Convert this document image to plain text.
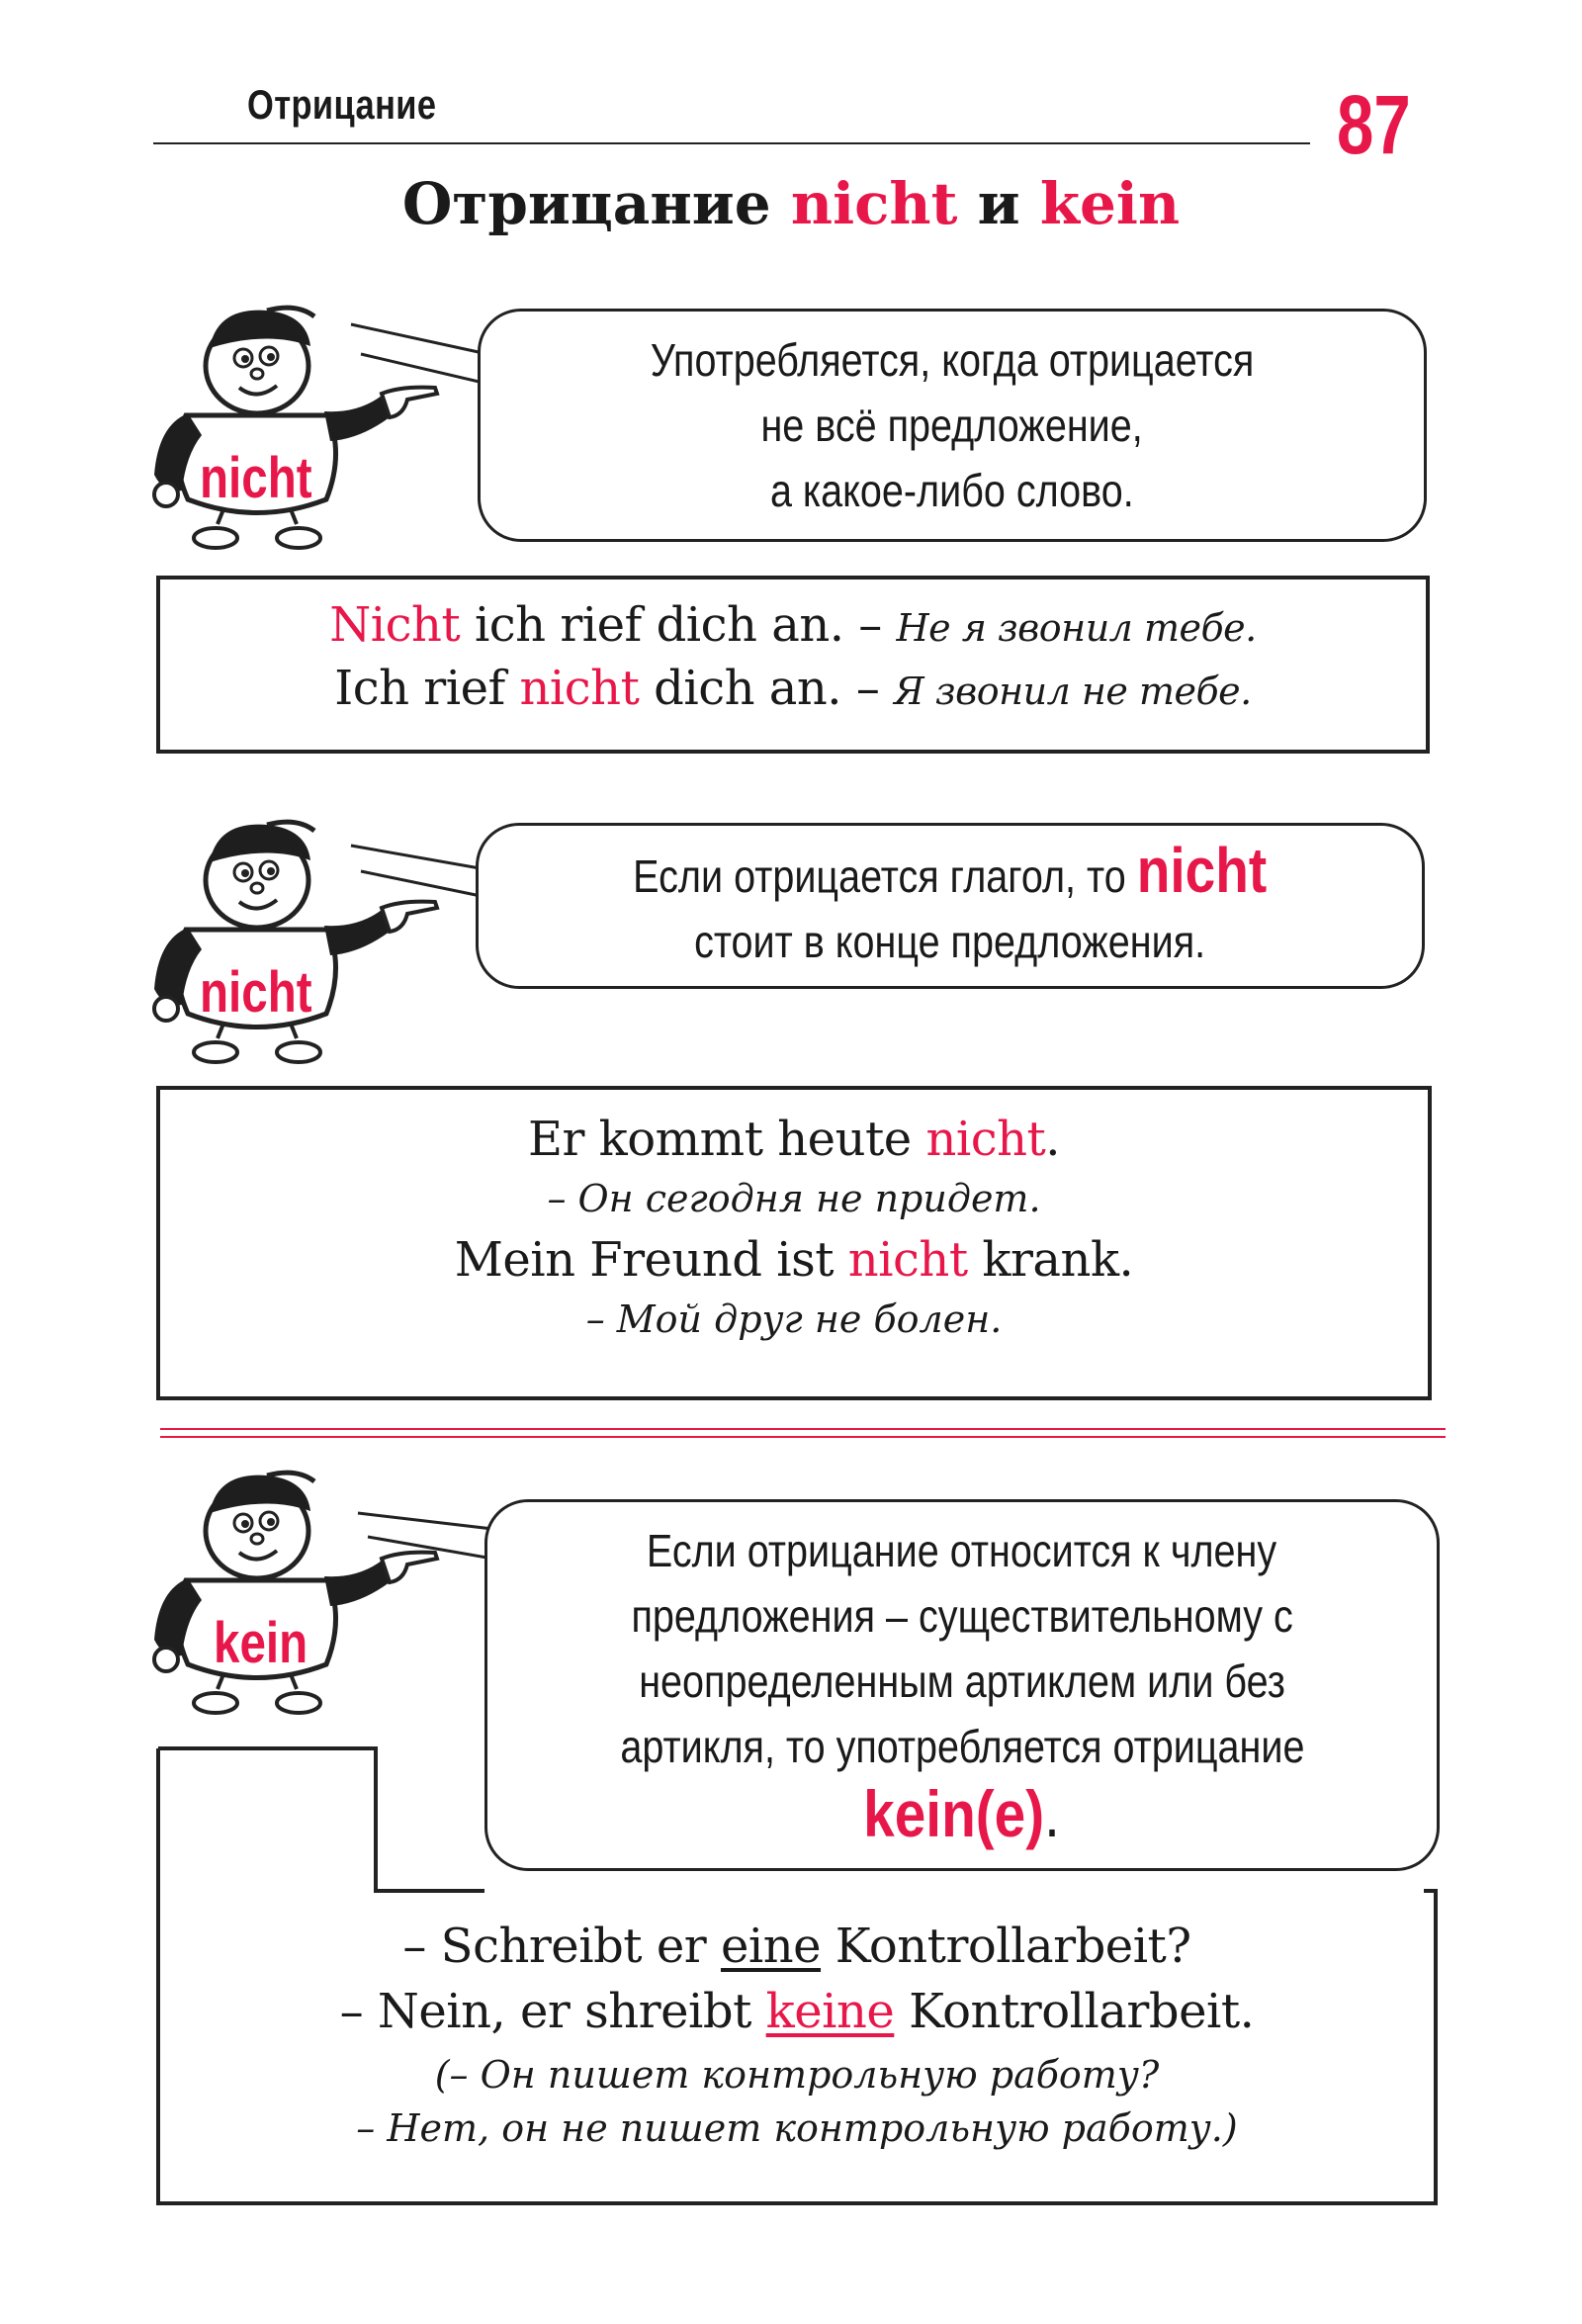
Отрицание	87
Отрицание nicht и kein
nicht
Употребляется, когда отрицается
не всё предложение,
а какое-либо слово.
Nicht ich rief dich an. – Не я звонил тебе.
Ich rief nicht dich an. – Я звонил не тебе.
nicht
Если отрицается глагол, то nicht
стоит в конце предложения.
Er kommt heute nicht.
– Он сегодня не придет.
Mein Freund ist nicht krank.
– Мой друг не болен.
kein
Если отрицание относится к члену
предложения – существительному с
неопределенным артиклем или без
артикля, то употребляется отрицание
kein(e).
– Schreibt er eine Kontrollarbeit?
– Nein, er shreibt keine Kontrollarbeit.
(– Он пишет контрольную работу?
– Нет, он не пишет контрольную работу.)
